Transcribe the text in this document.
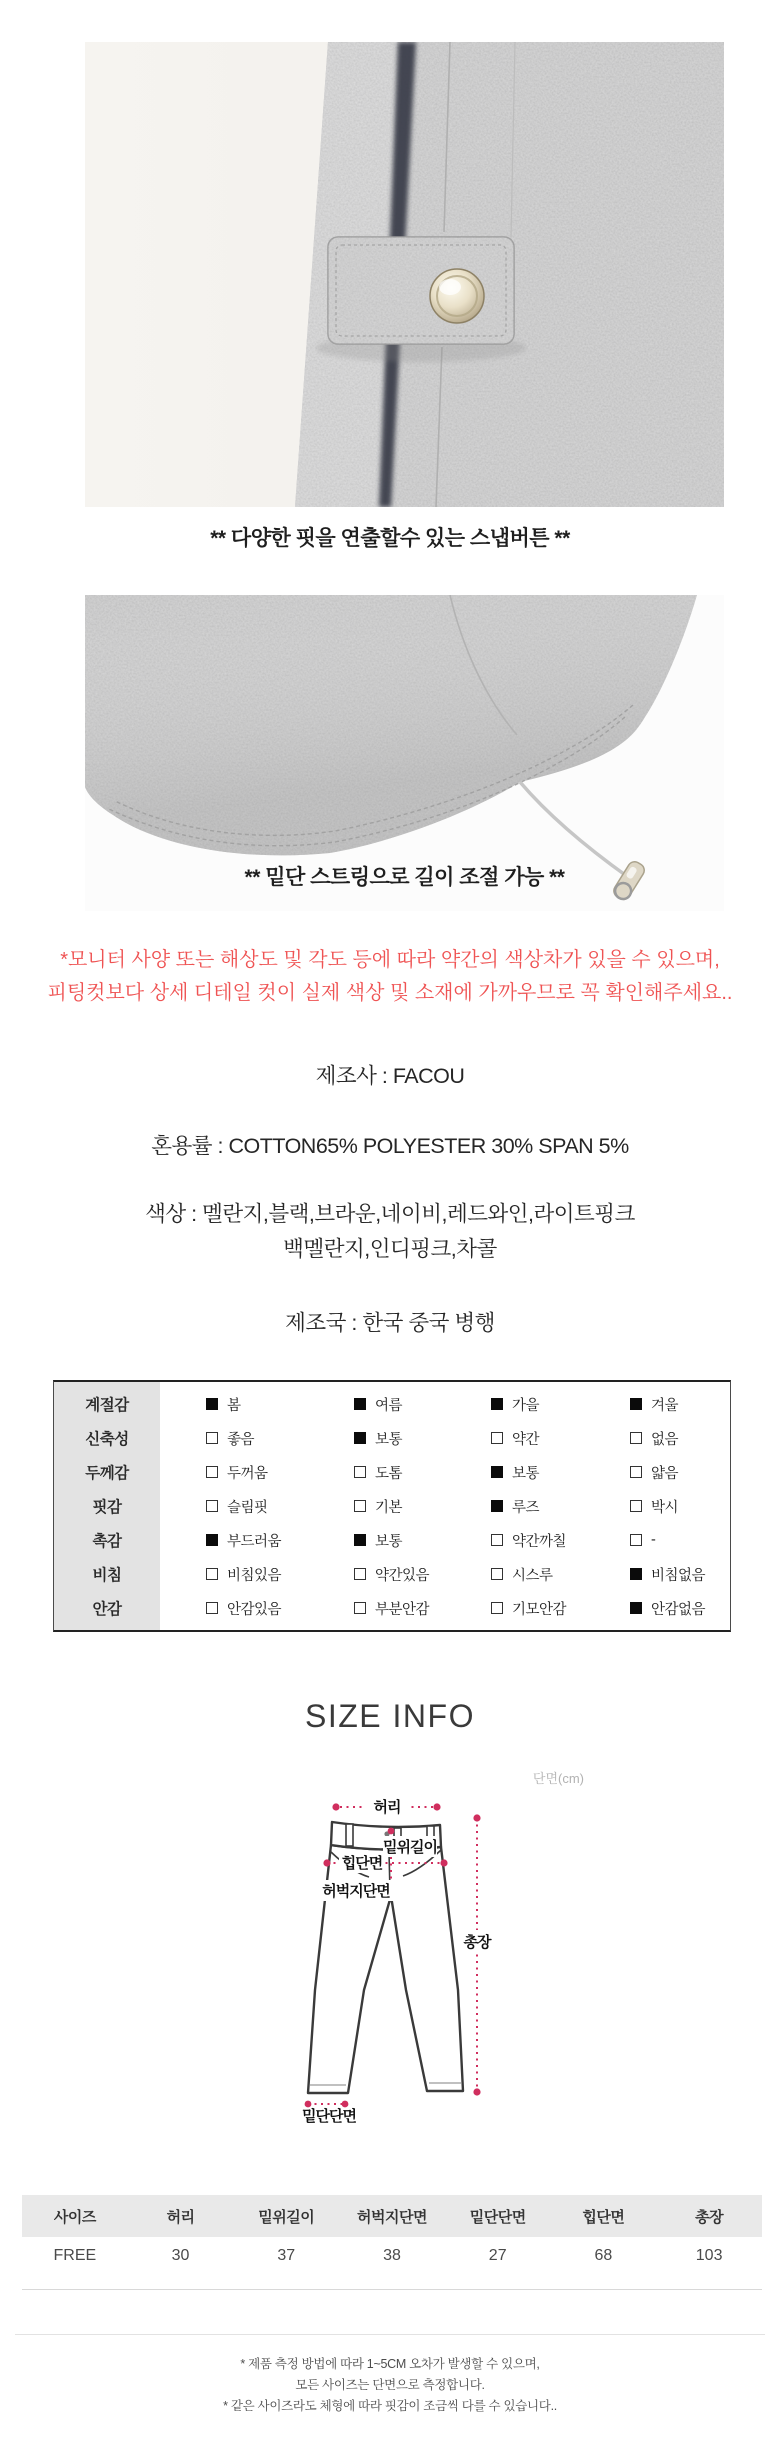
** 다양한 핏을 연출할수 있는 스냅버튼 **
** 밑단 스트링으로 길이 조절 가능 **
*모니터 사양 또는 해상도 및 각도 등에 따라 약간의 색상차가 있을 수 있으며,
피팅컷보다 상세 디테일 컷이 실제 색상 및 소재에 가까우므로 꼭 확인해주세요..
제조사 : FACOU
혼용률 : COTTON65% POLYESTER 30% SPAN 5%
색상 : 멜란지,블랙,브라운,네이비,레드와인,라이트핑크
백멜란지,인디핑크,차콜
제조국 : 한국 중국 병행
계절감	봄	여름	가을	겨울
신축성	좋음	보통	약간	없음
두께감	두꺼움	도톰	보통	얇음
핏감	슬림핏	기본	루즈	박시
촉감	부드러움	보통	약간까칠	-
비침	비침있음	약간있음	시스루	비침없음
안감	안감있음	부분안감	기모안감	안감없음
SIZE INFO
단면(cm)
허리
밑위길이
힙단면
허벅지단면
총장
밑단단면
사이즈	허리	밑위길이	허벅지단면	밑단단면	힙단면	총장
FREE	30	37	38	27	68	103
* 제품 측정 방법에 따라 1~5CM 오차가 발생할 수 있으며,
모든 사이즈는 단면으로 측정합니다.
* 같은 사이즈라도 체형에 따라 핏감이 조금씩 다를 수 있습니다..
